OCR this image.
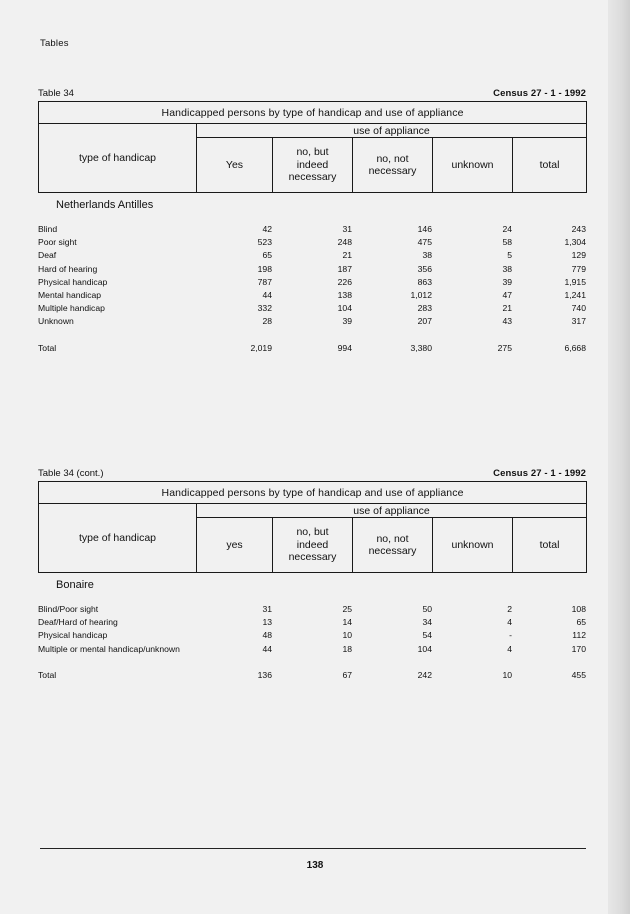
Tables
Table 34	Census 27 - 1 - 1992
Handicapped persons by type of handicap and use of appliance					
type of handicap	use of appliance				
	Yes	no, but
indeed
necessary	no, not
necessary	unknown	total
Netherlands Antilles
Blind	42	31	146	24	243
Poor sight	523	248	475	58	1,304
Deaf	65	21	38	5	129
Hard of hearing	198	187	356	38	779
Physical handicap	787	226	863	39	1,915
Mental handicap	44	138	1,012	47	1,241
Multiple handicap	332	104	283	21	740
Unknown	28	39	207	43	317

Total	2,019	994	3,380	275	6,668
Table 34 (cont.)	Census 27 - 1 - 1992
Handicapped persons by type of handicap and use of appliance					
type of handicap	use of appliance				
	yes	no, but
indeed
necessary	no, not
necessary	unknown	total
Bonaire
Blind/Poor sight	31	25	50	2	108
Deaf/Hard of hearing	13	14	34	4	65
Physical handicap	48	10	54	-	112
Multiple or mental handicap/unknown	44	18	104	4	170

Total	136	67	242	10	455
138
